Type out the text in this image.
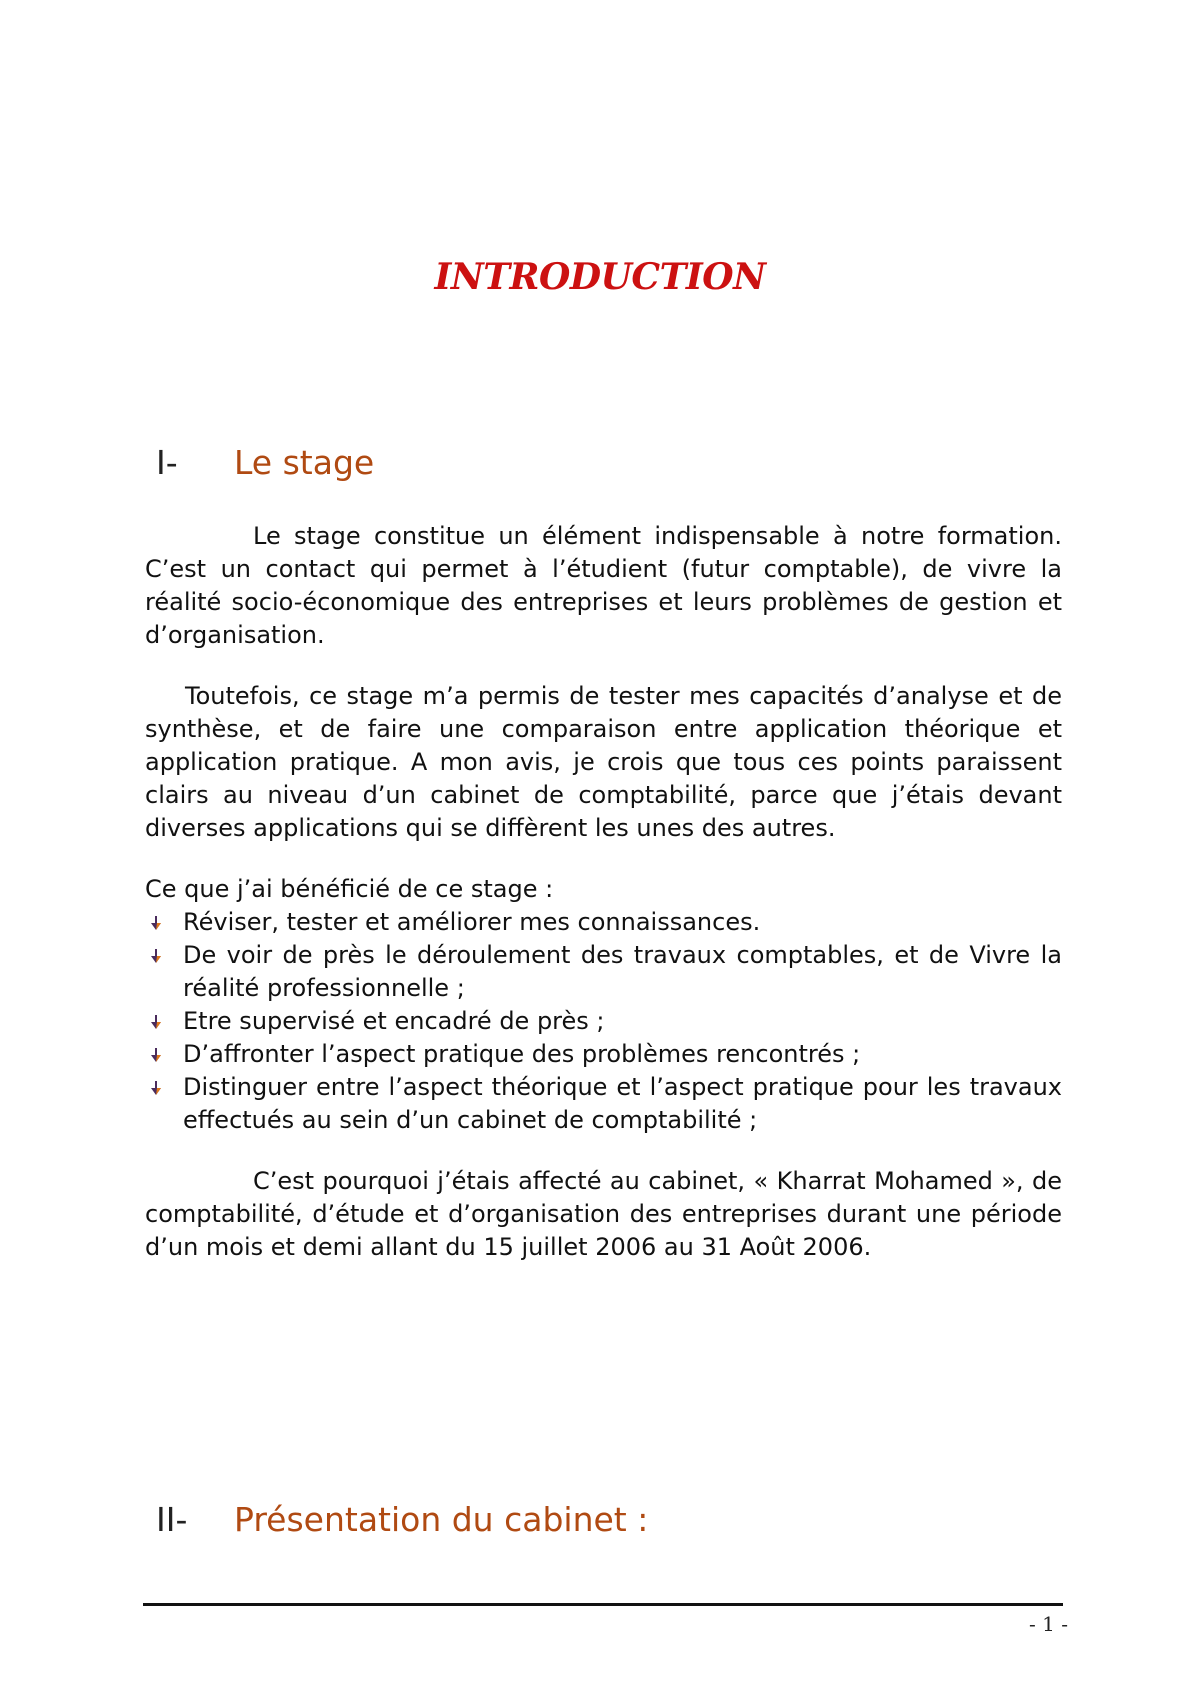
INTRODUCTION
I- Le stage

Le stage constitue un élément indispensable à notre formation. C’est un contact qui permet à l’étudient (futur comptable), de vivre la réalité socio-économique des entreprises et leurs problèmes de gestion et d’organisation.

Toutefois, ce stage m’a permis de tester mes capacités d’analyse et de synthèse, et de faire une comparaison entre application théorique et application pratique. A mon avis, je crois que tous ces points paraissent clairs au niveau d’un cabinet de comptabilité, parce que j’étais devant diverses applications qui se diffèrent les unes des autres.

Ce que j’ai bénéficié de ce stage :

Réviser, tester et améliorer mes connaissances.
De voir de près le déroulement des travaux comptables, et de Vivre la réalité professionnelle ;
Etre supervisé et encadré de près ;
D’affronter l’aspect pratique des problèmes rencontrés ;
Distinguer entre l’aspect théorique et l’aspect pratique pour les travaux effectués au sein d’un cabinet de comptabilité ;

C’est pourquoi j’étais affecté au cabinet, « Kharrat Mohamed », de comptabilité, d’étude et d’organisation des entreprises durant une période d’un mois et demi allant du 15 juillet 2006 au 31 Août 2006.

II- Présentation du cabinet :
- 1 -
